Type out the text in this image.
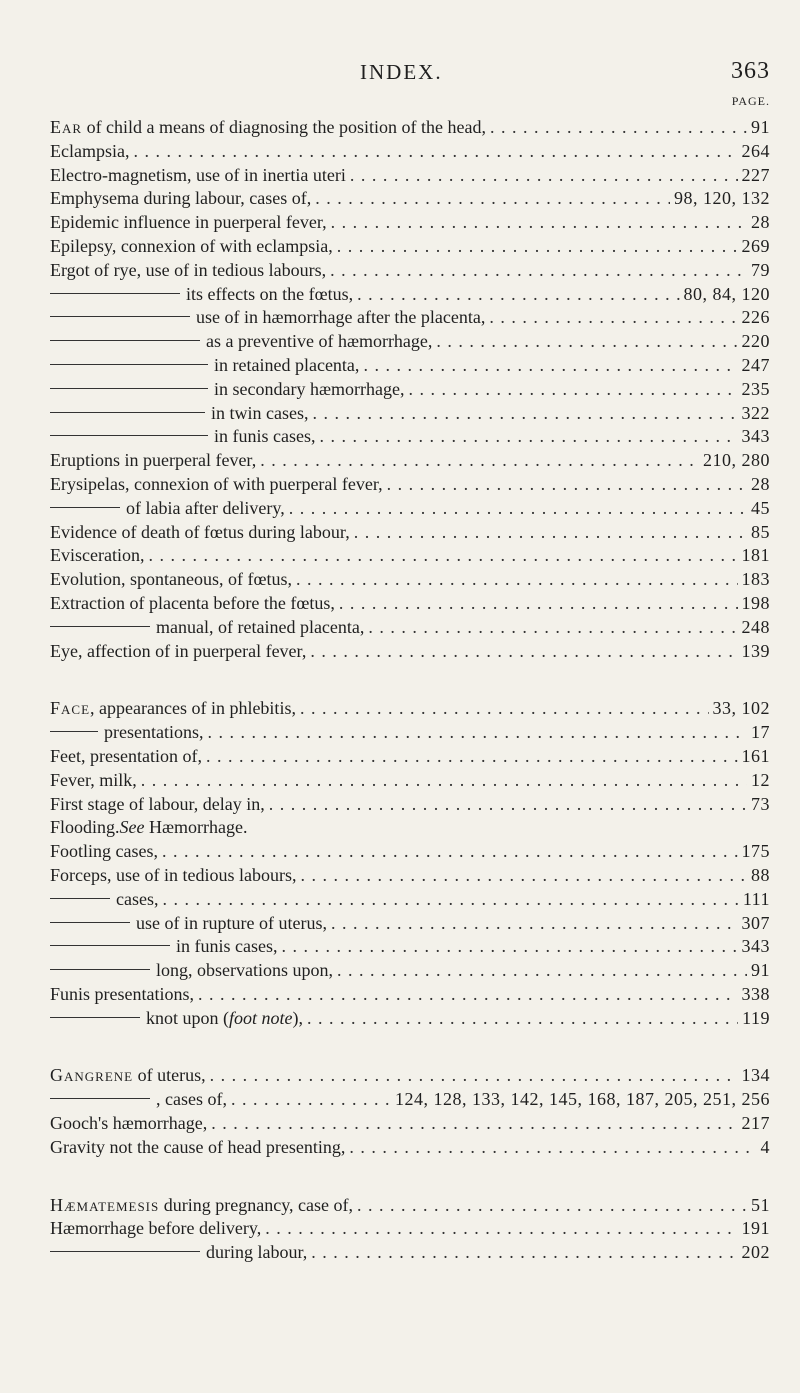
INDEX.	363
PAGE.
Ear of child a means of diagnosing the position of the head, . . .	91
Eclampsia, . . .	264
Electro-magnetism, use of in inertia uteri . . .	227
Emphysema during labour, cases of, . . .	98, 120, 132
Epidemic influence in puerperal fever, . . .	28
Epilepsy, connexion of with eclampsia, . . .	269
Ergot of rye, use of in tedious labours, . . .	79
its effects on the fœtus, . . .	80, 84, 120
use of in hæmorrhage after the placenta, . . .	226
as a preventive of hæmorrhage, . . .	220
in retained placenta, . . .	247
in secondary hæmorrhage, . . .	235
in twin cases, . . .	322
in funis cases, . . .	343
Eruptions in puerperal fever, . . .	210, 280
Erysipelas, connexion of with puerperal fever, . . .	28
of labia after delivery, . . .	45
Evidence of death of fœtus during labour, . . .	85
Evisceration, . . .	181
Evolution, spontaneous, of fœtus, . . .	183
Extraction of placenta before the fœtus, . . .	198
manual, of retained placenta, . . .	248
Eye, affection of in puerperal fever, . . .	139
Face, appearances of in phlebitis, . . .	33, 102
presentations, . . .	17
Feet, presentation of, . . .	161
Fever, milk, . . .	12
First stage of labour, delay in, . . .	73
Flooding.See Hæmorrhage.
Footling cases, . . .	175
Forceps, use of in tedious labours, . . .	88
cases, . . .	111
use of in rupture of uterus, . . .	307
in funis cases, . . .	343
long, observations upon, . . .	91
Funis presentations, . . .	338
knot upon (foot note), . . .	119
Gangrene of uterus, . . .	134
, cases of, . . .	124, 128, 133, 142, 145, 168, 187, 205, 251, 256
Gooch's hæmorrhage, . . .	217
Gravity not the cause of head presenting, . . .	4
Hæmatemesis during pregnancy, case of, . . .	51
Hæmorrhage before delivery, . . .	191
during labour, . . .	202
